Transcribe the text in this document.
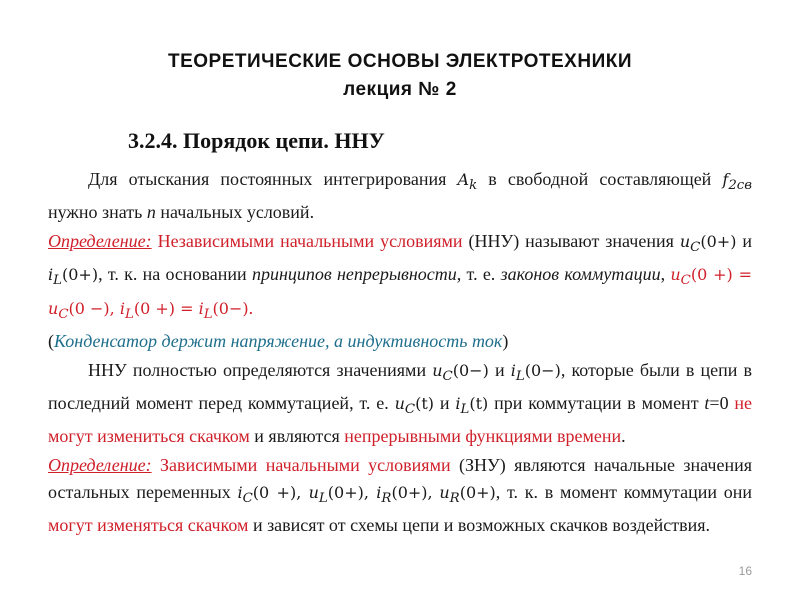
ТЕОРЕТИЧЕСКИЕ ОСНОВЫ ЭЛЕКТРОТЕХНИКИ
лекция № 2
3.2.4. Порядок цепи. ННУ

Для отыскания постоянных интегрирования $A_k$ в свободной составляющей $f_{2св}$ нужно знать n начальных условий.

Определение: Независимыми начальными условиями (ННУ) называют значения $u_C(0+)$ и $i_L(0+)$, т. к. на основании принципов непрерывности, т. е. законов коммутации, $u_C(0$ +) = $u_C(0$ −), $i_L(0$ +) = $i_L(0-)$.
(Конденсатор держит напряжение, а индуктивность ток)

ННУ полностью определяются значениями $u_C(0-)$ и $i_L(0-)$, которые были в цепи в последний момент перед коммутацией, т. е. $u_C(t)$ и $i_L(t)$ при коммутации в момент t=0 не могут измениться скачком и являются непрерывными функциями времени.

Определение: Зависимыми начальными условиями (ЗНУ) являются начальные значения остальных переменных $i_C(0$ +), $u_L(0+)$, $i_R(0+)$, $u_R(0+)$, т. к. в момент коммутации они могут изменяться скачком и зависят от схемы цепи и возможных скачков воздействия.

16
